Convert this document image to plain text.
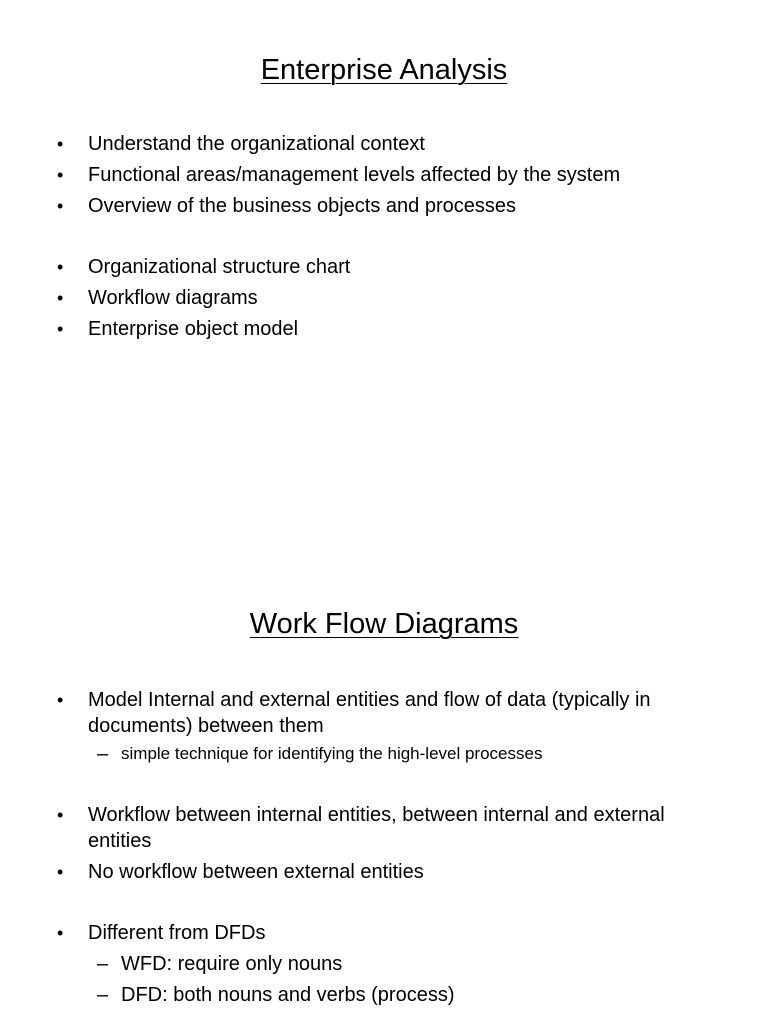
Enterprise Analysis
• Understand the organizational context
• Functional areas/management levels affected by the system
• Overview of the business objects and processes
• Organizational structure chart
• Workflow diagrams
• Enterprise object model
Work Flow Diagrams
• Model Internal and external entities and flow of data (typically in documents) between them
– simple technique for identifying the high-level processes
• Workflow between internal entities, between internal and external entities
• No workflow between external entities
• Different from DFDs
– WFD: require only nouns
– DFD: both nouns and verbs (process)
